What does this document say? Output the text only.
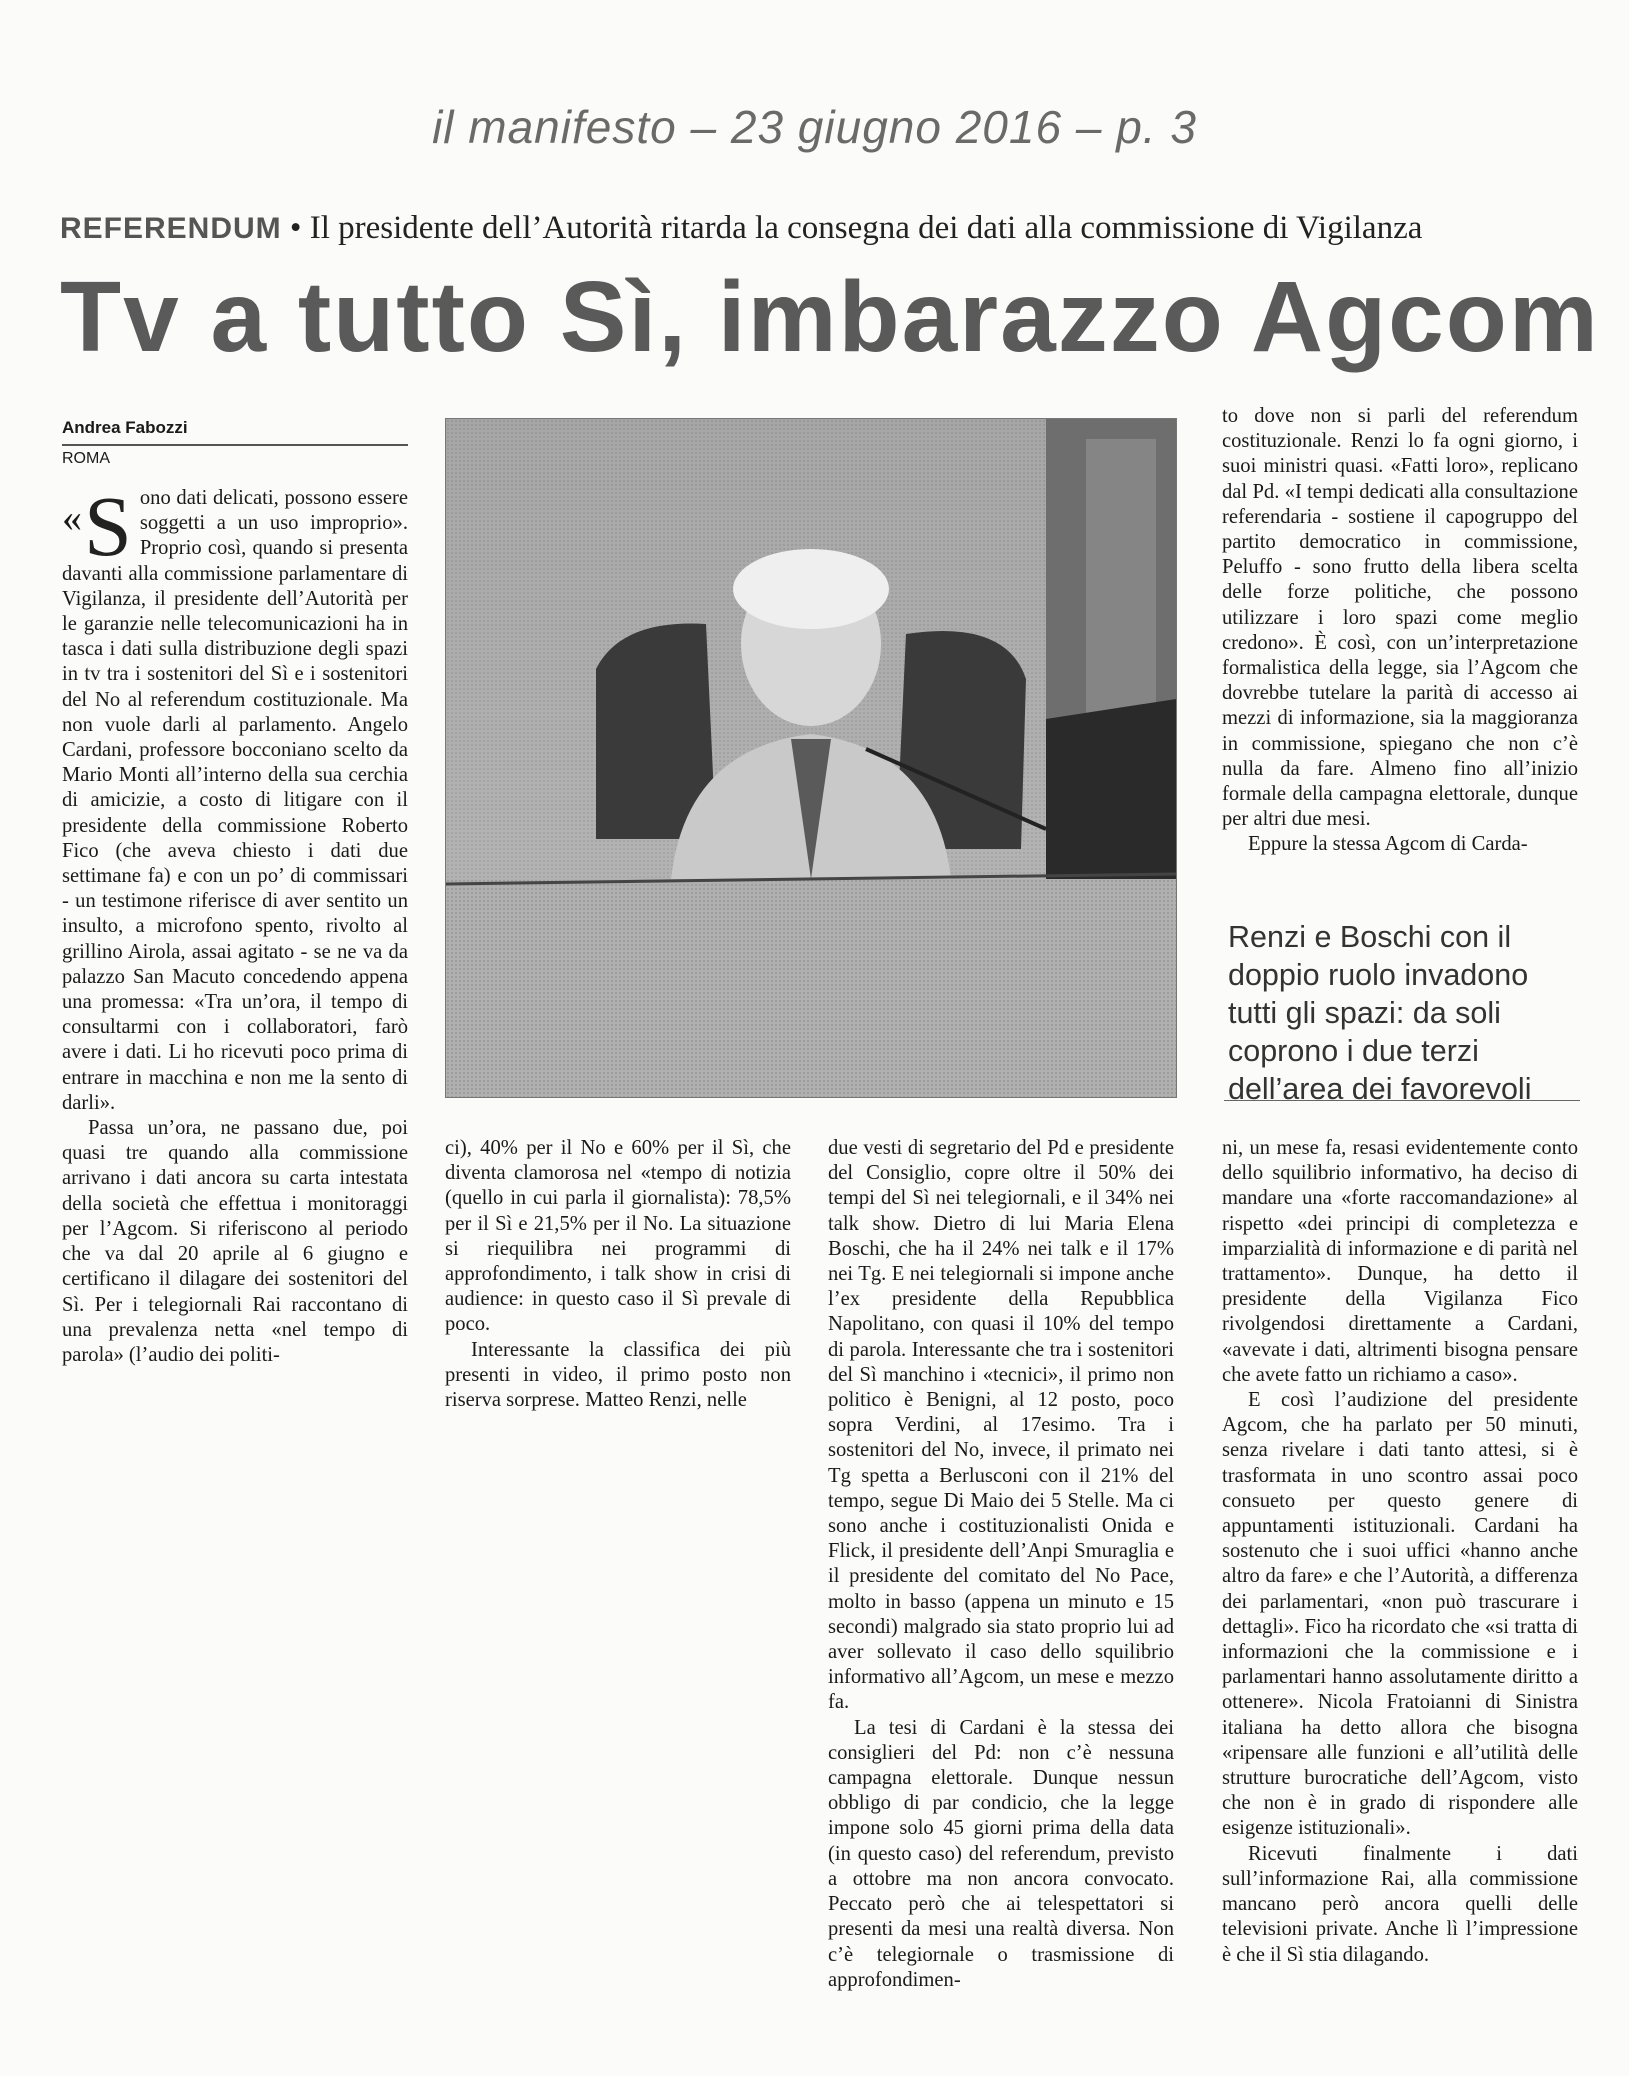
il manifesto – 23 giugno 2016 – p. 3
REFERENDUM • Il presidente dell’Autorità ritarda la consegna dei dati alla commissione di Vigilanza
Tv a tutto Sì, imbarazzo Agcom
Andrea Fabozzi
ROMA

« S ono dati delicati, possono essere soggetti a un uso improprio». Proprio così, quando si presenta davanti alla commissione parlamentare di Vigilanza, il presidente dell’Autorità per le garanzie nelle telecomunicazioni ha in tasca i dati sulla distribuzione degli spazi in tv tra i sostenitori del Sì e i sostenitori del No al referendum costituzionale. Ma non vuole darli al parlamento. Angelo Cardani, professore bocconiano scelto da Mario Monti all’interno della sua cerchia di amicizie, a costo di litigare con il presidente della commissione Roberto Fico (che aveva chiesto i dati due settimane fa) e con un po’ di commissari - un testimone riferisce di aver sentito un insulto, a microfono spento, rivolto al grillino Airola, assai agitato - se ne va da palazzo San Macuto concedendo appena una promessa: «Tra un’ora, il tempo di consultarmi con i collaboratori, farò avere i dati. Li ho ricevuti poco prima di entrare in macchina e non me la sento di darli».

Passa un’ora, ne passano due, poi quasi tre quando alla commissione arrivano i dati ancora su carta intestata della società che effettua i monitoraggi per l’Agcom. Si riferiscono al periodo che va dal 20 aprile al 6 giugno e certificano il dilagare dei sostenitori del Sì. Per i telegiornali Rai raccontano di una prevalenza netta «nel tempo di parola» (l’audio dei politi-

ci), 40% per il No e 60% per il Sì, che diventa clamorosa nel «tempo di notizia (quello in cui parla il giornalista): 78,5% per il Sì e 21,5% per il No. La situazione si riequilibra nei programmi di approfondimento, i talk show in crisi di audience: in questo caso il Sì prevale di poco.

Interessante la classifica dei più presenti in video, il primo posto non riserva sorprese. Matteo Renzi, nelle

due vesti di segretario del Pd e presidente del Consiglio, copre oltre il 50% dei tempi del Sì nei telegiornali, e il 34% nei talk show. Dietro di lui Maria Elena Boschi, che ha il 24% nei talk e il 17% nei Tg. E nei telegiornali si impone anche l’ex presidente della Repubblica Napolitano, con quasi il 10% del tempo di parola. Interessante che tra i sostenitori del Sì manchino i «tecnici», il primo non politico è Benigni, al 12 posto, poco sopra Verdini, al 17esimo. Tra i sostenitori del No, invece, il primato nei Tg spetta a Berlusconi con il 21% del tempo, segue Di Maio dei 5 Stelle. Ma ci sono anche i costituzionalisti Onida e Flick, il presidente dell’Anpi Smuraglia e il presidente del comitato del No Pace, molto in basso (appena un minuto e 15 secondi) malgrado sia stato proprio lui ad aver sollevato il caso dello squilibrio informativo all’Agcom, un mese e mezzo fa.

La tesi di Cardani è la stessa dei consiglieri del Pd: non c’è nessuna campagna elettorale. Dunque nessun obbligo di par condicio, che la legge impone solo 45 giorni prima della data (in questo caso) del referendum, previsto a ottobre ma non ancora convocato. Peccato però che ai telespettatori si presenti da mesi una realtà diversa. Non c’è telegiornale o trasmissione di approfondimen-

to dove non si parli del referendum costituzionale. Renzi lo fa ogni giorno, i suoi ministri quasi. «Fatti loro», replicano dal Pd. «I tempi dedicati alla consultazione referendaria - sostiene il capogruppo del partito democratico in commissione, Peluffo - sono frutto della libera scelta delle forze politiche, che possono utilizzare i loro spazi come meglio credono». È così, con un’interpretazione formalistica della legge, sia l’Agcom che dovrebbe tutelare la parità di accesso ai mezzi di informazione, sia la maggioranza in commissione, spiegano che non c’è nulla da fare. Almeno fino all’inizio formale della campagna elettorale, dunque per altri due mesi.

Eppure la stessa Agcom di Carda-

Renzi e Boschi con il doppio ruolo invadono tutti gli spazi: da soli coprono i due terzi dell’area dei favorevoli

ni, un mese fa, resasi evidentemente conto dello squilibrio informativo, ha deciso di mandare una «forte raccomandazione» al rispetto «dei principi di completezza e imparzialità di informazione e di parità nel trattamento». Dunque, ha detto il presidente della Vigilanza Fico rivolgendosi direttamente a Cardani, «avevate i dati, altrimenti bisogna pensare che avete fatto un richiamo a caso».

E così l’audizione del presidente Agcom, che ha parlato per 50 minuti, senza rivelare i dati tanto attesi, si è trasformata in uno scontro assai poco consueto per questo genere di appuntamenti istituzionali. Cardani ha sostenuto che i suoi uffici «hanno anche altro da fare» e che l’Autorità, a differenza dei parlamentari, «non può trascurare i dettagli». Fico ha ricordato che «si tratta di informazioni che la commissione e i parlamentari hanno assolutamente diritto a ottenere». Nicola Fratoianni di Sinistra italiana ha detto allora che bisogna «ripensare alle funzioni e all’utilità delle strutture burocratiche dell’Agcom, visto che non è in grado di rispondere alle esigenze istituzionali».

Ricevuti finalmente i dati sull’informazione Rai, alla commissione mancano però ancora quelli delle televisioni private. Anche lì l’impressione è che il Sì stia dilagando.
